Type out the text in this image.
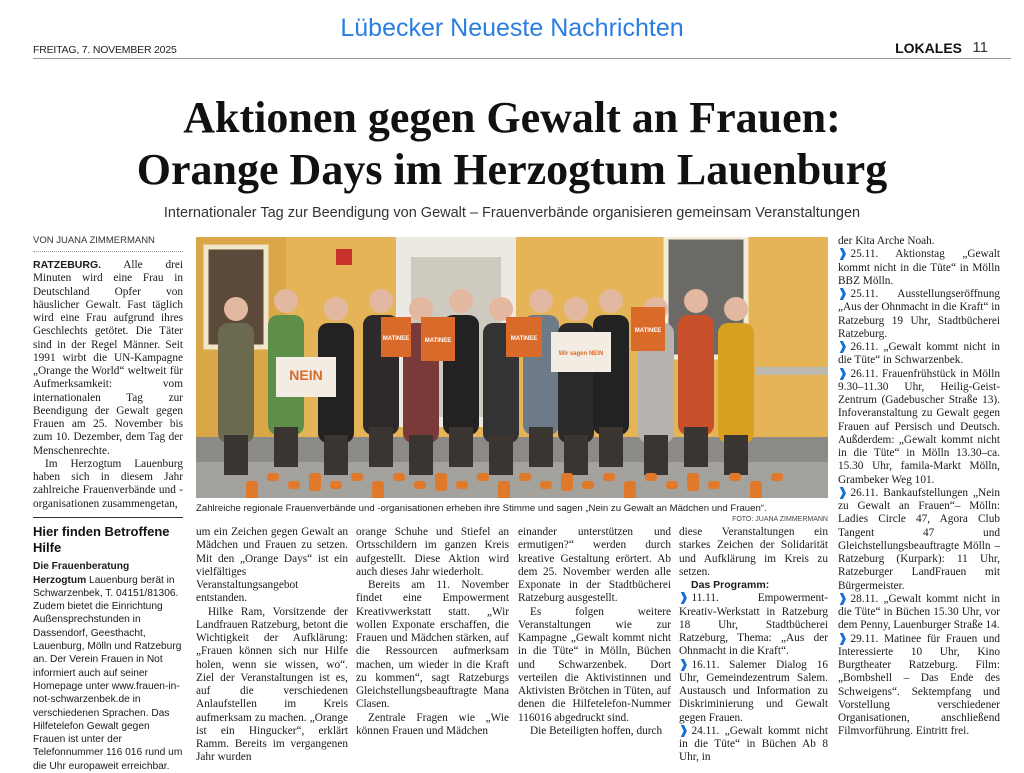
Lübecker Neueste Nachrichten
FREITAG, 7. NOVEMBER 2025	LOKALES 11
Aktionen gegen Gewalt an Frauen:
Orange Days im Herzogtum Lauenburg
Internationaler Tag zur Beendigung von Gewalt – Frauenverbände organisieren gemeinsam Veranstaltungen
VON JUANA ZIMMERMANN

RATZEBURG. Alle drei Minuten wird eine Frau in Deutschland Opfer von häuslicher Gewalt. Fast täglich wird eine Frau aufgrund ihres Geschlechts getötet. Die Täter sind in der Regel Männer. Seit 1991 wirbt die UN-Kampagne „Orange the World“ weltweit für Aufmerksamkeit: vom internationalen Tag zur Beendigung der Gewalt gegen Frauen am 25. November bis zum 10. Dezember, dem Tag der Menschenrechte.

Im Herzogtum Lauenburg haben sich in diesem Jahr zahlreiche Frauenverbände und -organisationen zusammengetan,

Hier finden Betroffene Hilfe
Die Frauenberatung Herzogtum Lauenburg berät in Schwarzenbek, T. 04151/81306. Zudem bietet die Einrichtung Außensprechstunden in Dassendorf, Geesthacht, Lauenburg, Mölln und Ratzeburg an. Der Verein Frauen in Not informiert auch auf seiner Homepage unter www.frauen-in-not-schwarzenbek.de in verschiedenen Sprachen. Das Hilfetelefon Gewalt gegen Frauen ist unter der Telefonnummer 116 016 rund um die Uhr europaweit erreichbar.
NEIN
MATINEE	MATINEE	MATINEE
Wir sagen NEIN
MATINEE
Zahlreiche regionale Frauenverbände und -organisationen erheben ihre Stimme und sagen „Nein zu Gewalt an Mädchen und Frauen“.
FOTO: JUANA ZIMMERMANN

um ein Zeichen gegen Gewalt an Mädchen und Frauen zu setzen. Mit den „Orange Days“ ist ein vielfältiges Veranstaltungsangebot entstanden.

Hilke Ram, Vorsitzende der Landfrauen Ratzeburg, betont die Wichtigkeit der Aufklärung: „Frauen können sich nur Hilfe holen, wenn sie wissen, wo“. Ziel der Veranstaltungen ist es, auf die verschiedenen Anlaufstellen im Kreis aufmerksam zu machen. „Orange ist ein Hingucker“, erklärt Ramm. Bereits im vergangenen Jahr wurden

orange Schuhe und Stiefel an Ortsschildern im ganzen Kreis aufgestellt. Diese Aktion wird auch dieses Jahr wiederholt.

Bereits am 11. November findet eine Empowerment Kreativwerkstatt statt. „Wir wollen Exponate erschaffen, die Frauen und Mädchen stärken, auf die Ressourcen aufmerksam machen, um wieder in die Kraft zu kommen“, sagt Ratzeburgs Gleichstellungsbeauftragte Mana Clasen.

Zentrale Fragen wie „Wie können Frauen und Mädchen

einander unterstützen und ermutigen?“ werden durch kreative Gestaltung erörtert. Ab dem 25. November werden alle Exponate in der Stadtbücherei Ratzeburg ausgestellt.

Es folgen weitere Veranstaltungen wie zur Kampagne „Gewalt kommt nicht in die Tüte“ in Mölln, Büchen und Schwarzenbek. Dort verteilen die Aktivistinnen und Aktivisten Brötchen in Tüten, auf denen die Hilfetelefon-Nummer 116016 abgedruckt sind.

Die Beteiligten hoffen, durch

diese Veranstaltungen ein starkes Zeichen der Solidarität und Aufklärung im Kreis zu setzen.

Das Programm:

❱ 11.11. Empowerment-Kreativ-Werkstatt in Ratzeburg 18 Uhr, Stadtbücherei Ratzeburg, Thema: „Aus der Ohnmacht in die Kraft“.

❱ 16.11. Salemer Dialog 16 Uhr, Gemeindezentrum Salem. Austausch und Information zu Diskriminierung und Gewalt gegen Frauen.

❱ 24.11. „Gewalt kommt nicht in die Tüte“ in Büchen Ab 8 Uhr, in

der Kita Arche Noah.

❱ 25.11. Aktionstag „Gewalt kommt nicht in die Tüte“ in Mölln BBZ Mölln.

❱ 25.11. Ausstellungseröffnung „Aus der Ohnmacht in die Kraft“ in Ratzeburg 19 Uhr, Stadtbücherei Ratzeburg.

❱ 26.11. „Gewalt kommt nicht in die Tüte“ in Schwarzenbek.

❱ 26.11. Frauenfrühstück in Mölln 9.30–11.30 Uhr, Heilig-Geist-Zentrum (Gadebuscher Straße 13). Infoveranstaltung zu Gewalt gegen Frauen auf Persisch und Deutsch. Außderdem: „Gewalt kommt nicht in die Tüte“ in Mölln 13.30–ca. 15.30 Uhr, famila-Markt Mölln, Grambeker Weg 101.

❱ 26.11. Bankaufstellungen „Nein zu Gewalt an Frauen“– Mölln: Ladies Circle 47, Agora Club Tangent 47 und Gleichstellungsbeauftragte Mölln – Ratzeburg (Kurpark): 11 Uhr, Ratzeburger LandFrauen mit Bürgermeister.

❱ 28.11. „Gewalt kommt nicht in die Tüte“ in Büchen 15.30 Uhr, vor dem Penny, Lauenburger Straße 14.

❱ 29.11. Matinee für Frauen und Interessierte 10 Uhr, Kino Burgtheater Ratzeburg. Film: „Bombshell – Das Ende des Schweigens“. Sektempfang und Vorstellung verschiedener Organisationen, anschließend Filmvorführung. Eintritt frei.
